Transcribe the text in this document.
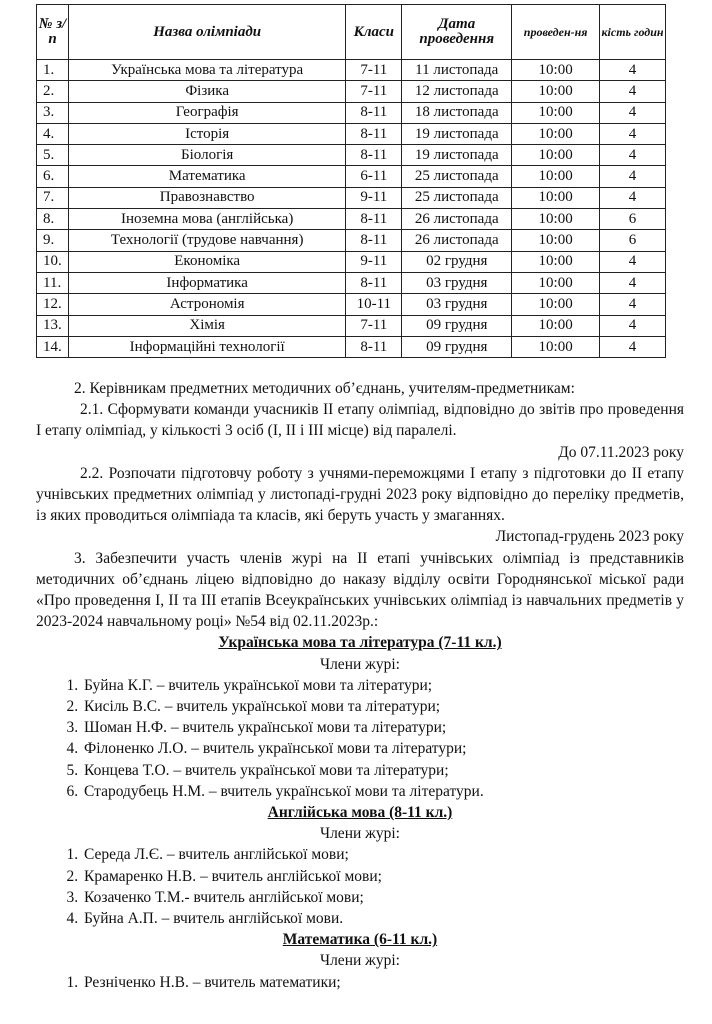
№ з/п	Назва олімпіади	Класи	Дата проведення	проведен-ня	кість годин
1.	Українська мова та література	7-11	11 листопада	10:00	4
2.	Фізика	7-11	12 листопада	10:00	4
3.	Географія	8-11	18 листопада	10:00	4
4.	Історія	8-11	19 листопада	10:00	4
5.	Біологія	8-11	19 листопада	10:00	4
6.	Математика	6-11	25 листопада	10:00	4
7.	Правознавство	9-11	25 листопада	10:00	4
8.	Іноземна мова (англійська)	8-11	26 листопада	10:00	6
9.	Технології (трудове навчання)	8-11	26 листопада	10:00	6
10.	Економіка	9-11	02 грудня	10:00	4
11.	Інформатика	8-11	03 грудня	10:00	4
12.	Астрономія	10-11	03 грудня	10:00	4
13.	Хімія	7-11	09 грудня	10:00	4
14.	Інформаційні технології	8-11	09 грудня	10:00	4

2. Керівникам предметних методичних об’єднань, учителям-предметникам:

2.1. Сформувати команди учасників ІІ етапу олімпіад, відповідно до звітів про проведення І етапу олімпіад, у кількості 3 осіб (І, ІІ і ІІІ місце) від паралелі.

До 07.11.2023 року

2.2. Розпочати підготовчу роботу з учнями-переможцями І етапу з підготовки до ІІ етапу учнівських предметних олімпіад у листопаді-грудні 2023 року відповідно до переліку предметів, із яких проводиться олімпіада та класів, які беруть участь у змаганнях.

Листопад-грудень 2023 року

3. Забезпечити участь членів журі на ІІ етапі учнівських олімпіад із представників методичних об’єднань ліцею відповідно до наказу відділу освіти Городнянської міської ради «Про проведення І, ІІ та ІІІ етапів Всеукраїнських учнівських олімпіад із навчальних предметів у 2023-2024 навчальному році» №54 від 02.11.2023р.:

Українська мова та література (7-11 кл.)

Члени журі:

1. Буйна К.Г. – вчитель української мови та літератури;
2. Кисіль В.С. – вчитель української мови та літератури;
3. Шоман Н.Ф. – вчитель української мови та літератури;
4. Філоненко Л.О. – вчитель української мови та літератури;
5. Концева Т.О. – вчитель української мови та літератури;
6. Стародубець Н.М. – вчитель української мови та літератури.

Англійська мова (8-11 кл.)

Члени журі:

1. Середа Л.Є. – вчитель англійської мови;
2. Крамаренко Н.В. – вчитель англійської мови;
3. Козаченко Т.М.- вчитель англійської мови;
4. Буйна А.П. – вчитель англійської мови.

Математика (6-11 кл.)

Члени журі:

1. Резніченко Н.В. – вчитель математики;
